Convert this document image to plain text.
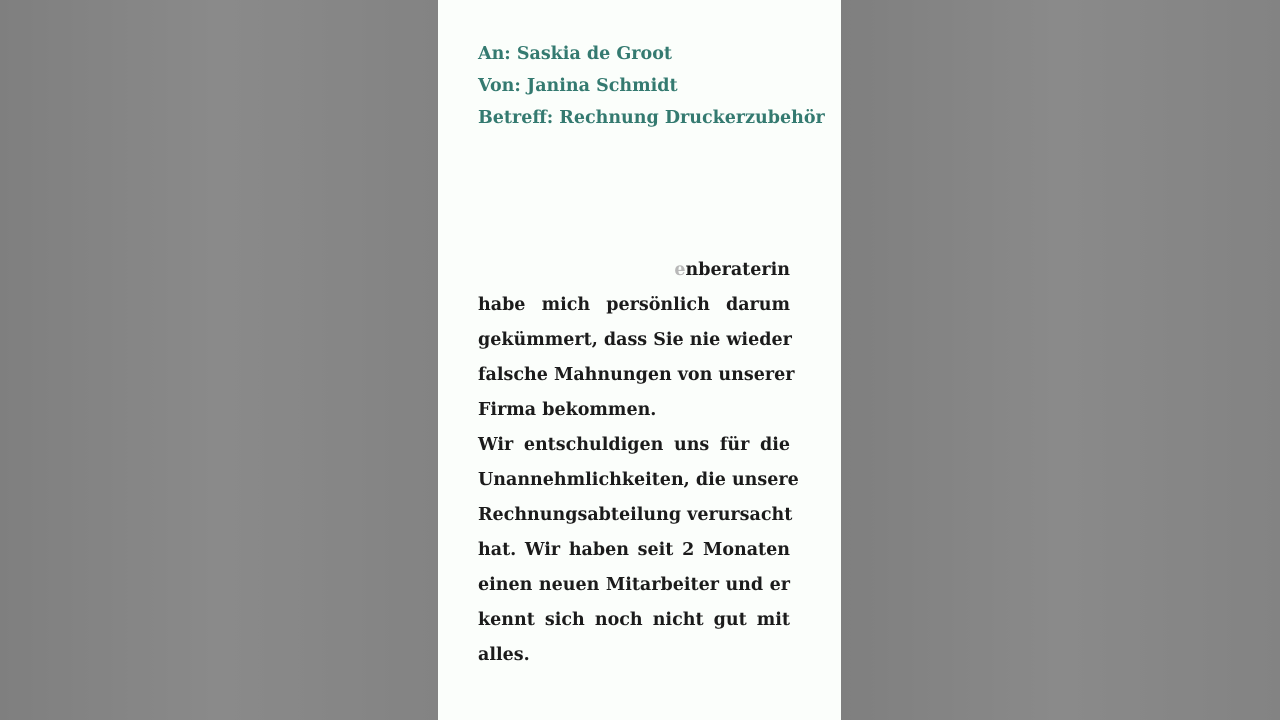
An: Saskia de Groot
Von: Janina Schmidt
Betreff: Rechnung Druckerzubehör
enberaterin
habe mich persönlich darum
gekümmert, dass Sie nie wieder
falsche Mahnungen von unserer
Firma bekommen.
Wir entschuldigen uns für die
Unannehmlichkeiten, die unsere
Rechnungsabteilung verursacht
hat. Wir haben seit 2 Monaten
einen neuen Mitarbeiter und er
kennt sich noch nicht gut mit
alles.
